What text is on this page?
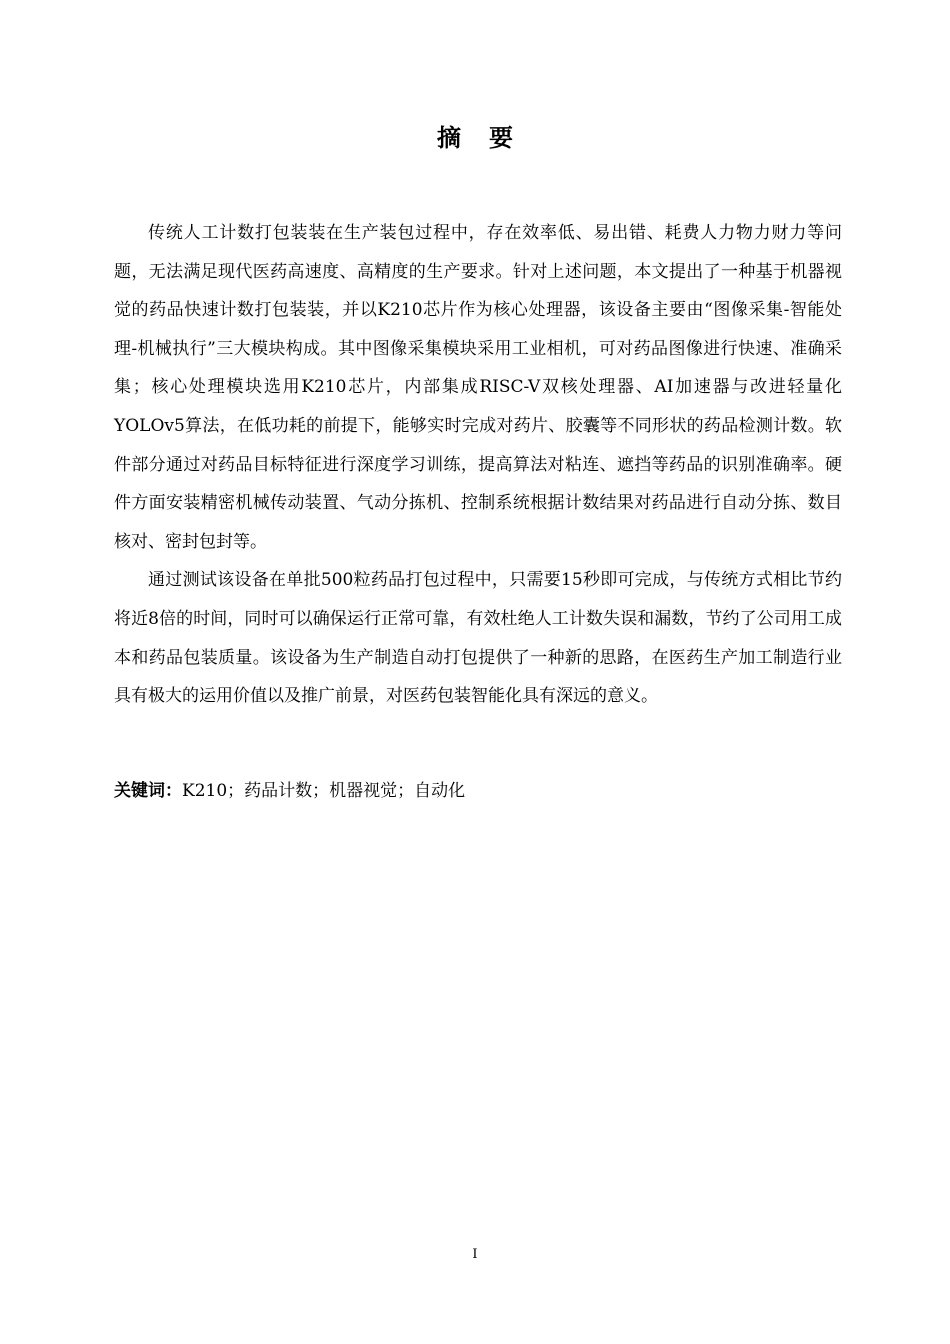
摘 要

传统人工计数打包装装在生产装包过程中，存在效率低、易出错、耗费人力物力财力等问题，无法满足现代医药高速度、高精度的生产要求。针对上述问题，本文提出了一种基于机器视觉的药品快速计数打包装装，并以K210芯片作为核心处理器，该设备主要由“图像采集-智能处理-机械执行”三大模块构成。其中图像采集模块采用工业相机，可对药品图像进行快速、准确采集；核心处理模块选用K210芯片，内部集成RISC-V双核处理器、AI加速器与改进轻量化YOLOv5算法，在低功耗的前提下，能够实时完成对药片、胶囊等不同形状的药品检测计数。软件部分通过对药品目标特征进行深度学习训练，提高算法对粘连、遮挡等药品的识别准确率。硬件方面安装精密机械传动装置、气动分拣机、控制系统根据计数结果对药品进行自动分拣、数目核对、密封包封等。

通过测试该设备在单批500粒药品打包过程中，只需要15秒即可完成，与传统方式相比节约将近8倍的时间，同时可以确保运行正常可靠，有效杜绝人工计数失误和漏数，节约了公司用工成本和药品包装质量。该设备为生产制造自动打包提供了一种新的思路，在医药生产加工制造行业具有极大的运用价值以及推广前景，对医药包装智能化具有深远的意义。

关键词：K210；药品计数；机器视觉；自动化
I
